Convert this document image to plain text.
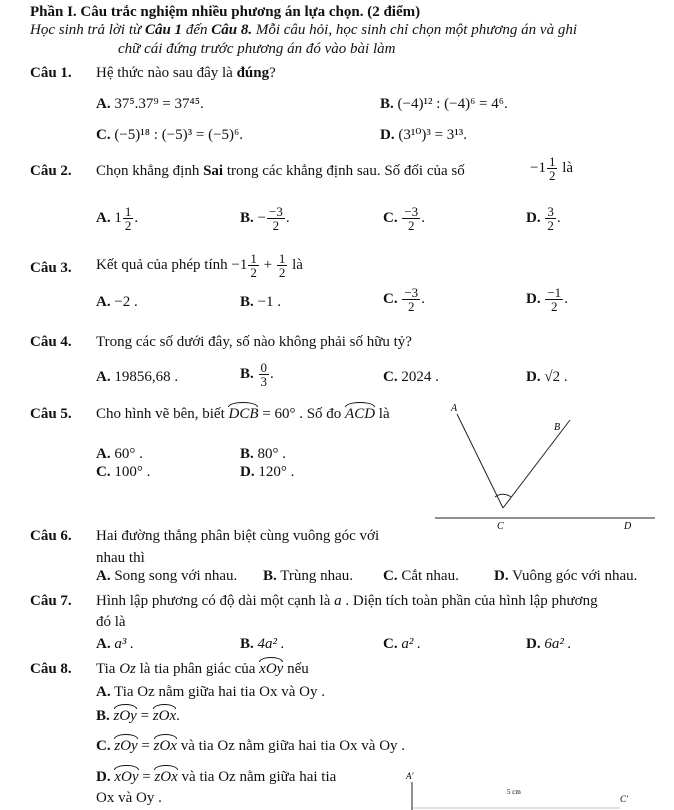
Phần I. Câu trắc nghiệm nhiều phương án lựa chọn. (2 điểm)
Học sinh trả lời từ Câu 1 đến Câu 8. Mỗi câu hỏi, học sinh chỉ chọn một phương án và ghi
chữ cái đứng trước phương án đó vào bài làm
Câu 1. Hệ thức nào sau đây là đúng?
A. 37⁵.37⁹ = 37⁴⁵.	B. (−4)¹² : (−4)⁶ = 4⁶.
C. (−5)¹⁸ : (−5)³ = (−5)⁶.	D. (3¹⁰)³ = 3¹³.
Câu 2. Chọn khẳng định Sai trong các khẳng định sau. Số đối của số	$-1 \frac{1}{2}$ là
A. $1 \frac{1}{2}$ .	B. − $\frac{-3}{2}$ .	C. $\frac{-3}{2}$ .	D. $\frac{3}{2}$ .
Câu 3. Kết quả của phép tính $-1 \frac{1}{2} + \frac{1}{2}$ là
A. −2 .	B. −1 .	C. $\frac{-3}{2}$ .	D. $\frac{-1}{2}$ .
Câu 4. Trong các số dưới đây, số nào không phải số hữu tỷ?
A. 19856,68 .	B. $\frac{0}{3}$ .	C. 2024 .	D. √2 .
Câu 5. Cho hình vẽ bên, biết DCB = 60° . Số đo ACD là
A. 60° .	B. 80° .
C. 100° .	D. 120° .
A
B
C	D
Câu 6. Hai đường thẳng phân biệt cùng vuông góc với
nhau thì
A. Song song với nhau. B. Trùng nhau. C. Cắt nhau. D. Vuông góc với nhau.
Câu 7. Hình lập phương có độ dài một cạnh là a . Diện tích toàn phần của hình lập phương
đó là
A. a³ .	B. 4a² .	C. a² .	D. 6a² .
Câu 8. Tia Oz là tia phân giác của xOy nếu
A. Tia Oz nằm giữa hai tia Ox và Oy .
B. zOy = zOx.
C. zOy = zOx và tia Oz nằm giữa hai tia Ox và Oy .
D. xOy = zOx và tia Oz nằm giữa hai tia
Ox và Oy .
A'
5 cm
C'
